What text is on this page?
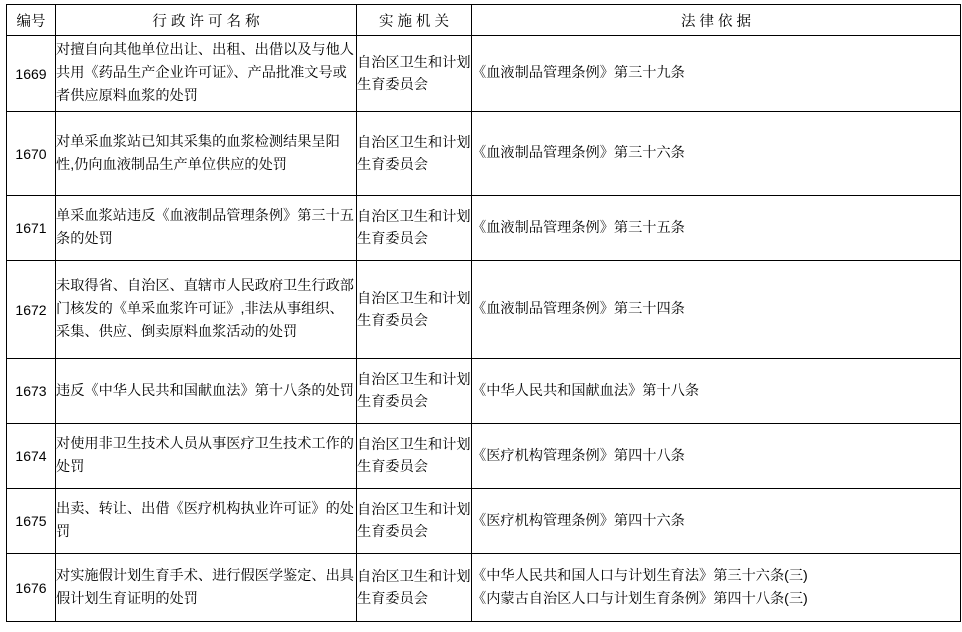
编号	行 政 许 可 名 称	实 施 机 关	法 律 依 据
1669	对擅自向其他单位出让、出租、出借以及与他人共用《药品生产企业许可证》、产品批准文号或者供应原料血浆的处罚	自治区卫生和计划生育委员会	《血液制品管理条例》第三十九条

1670	对单采血浆站已知其采集的血浆检测结果呈阳性,仍向血液制品生产单位供应的处罚	自治区卫生和计划生育委员会	《血液制品管理条例》第三十六条

1671	单采血浆站违反《血液制品管理条例》第三十五条的处罚	自治区卫生和计划生育委员会	《血液制品管理条例》第三十五条

1672	未取得省、自治区、直辖市人民政府卫生行政部门核发的《单采血浆许可证》,非法从事组织、采集、供应、倒卖原料血浆活动的处罚	自治区卫生和计划生育委员会	《血液制品管理条例》第三十四条

1673	违反《中华人民共和国献血法》第十八条的处罚	自治区卫生和计划生育委员会	《中华人民共和国献血法》第十八条

1674	对使用非卫生技术人员从事医疗卫生技术工作的处罚	自治区卫生和计划生育委员会	《医疗机构管理条例》第四十八条

1675	出卖、转让、出借《医疗机构执业许可证》的处罚	自治区卫生和计划生育委员会	《医疗机构管理条例》第四十六条

1676	对实施假计划生育手术、进行假医学鉴定、出具假计划生育证明的处罚	自治区卫生和计划生育委员会	《中华人民共和国人口与计划生育法》第三十六条(三)
《内蒙古自治区人口与计划生育条例》第四十八条(三)
